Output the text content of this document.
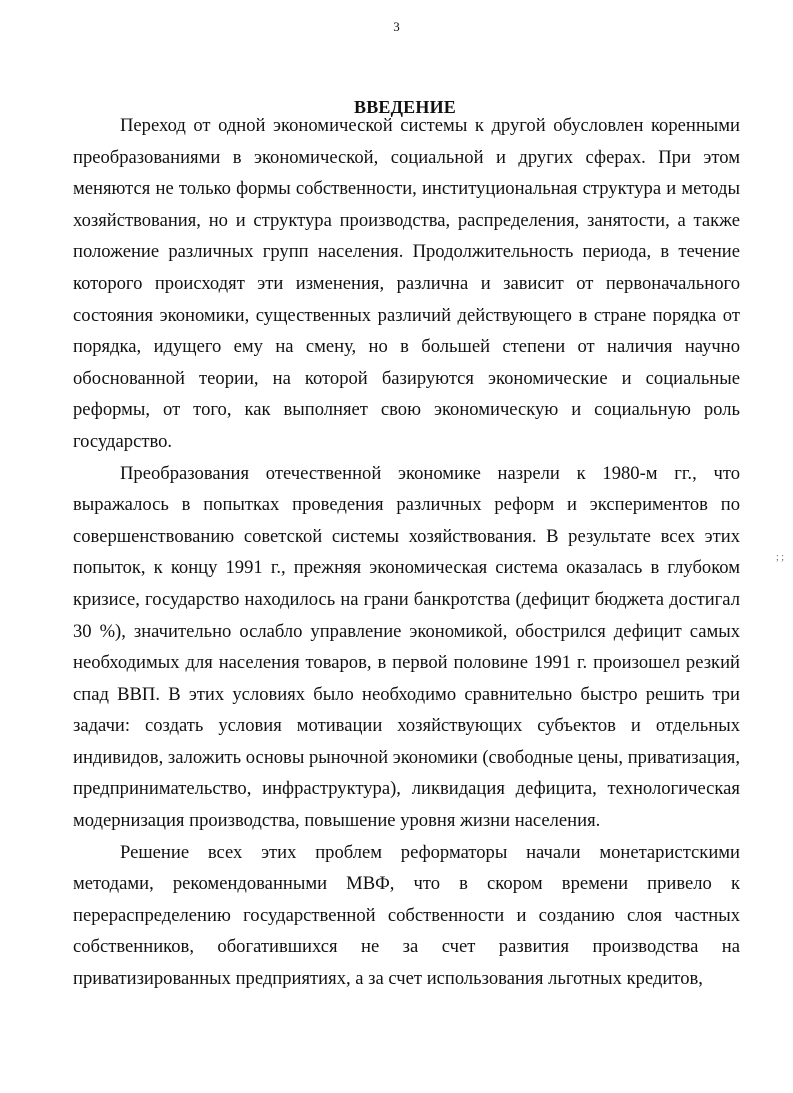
3
ВВЕДЕНИЕ

Переход от одной экономической системы к другой обусловлен коренными преобразованиями в экономической, социальной и других сферах. При этом меняются не только формы собственности, институциональная структура и методы хозяйствования, но и структура производства, распределения, занятости, а также положение различных групп населения. Продолжительность периода, в течение которого происходят эти изменения, различна и зависит от первоначального состояния экономики, существенных различий действующего в стране порядка от порядка, идущего ему на смену, но в большей степени от наличия научно обоснованной теории, на которой базируются экономические и социальные реформы, от того, как выполняет свою экономическую и социальную роль государство.

Преобразования отечественной экономике назрели к 1980-м гг., что выражалось в попытках проведения различных реформ и экспериментов по совершенствованию советской системы хозяйствования. В результате всех этих попыток, к концу 1991 г., прежняя экономическая система оказалась в глубоком кризисе, государство находилось на грани банкротства (дефицит бюджета достигал 30 %), значительно ослабло управление экономикой, обострился дефицит самых необходимых для населения товаров, в первой половине 1991 г. произошел резкий спад ВВП. В этих условиях было необходимо сравнительно быстро решить три задачи: создать условия мотивации хозяйствующих субъектов и отдельных индивидов, заложить основы рыночной экономики (свободные цены, приватизация, предпринимательство, инфраструктура), ликвидация дефицита, технологическая модернизация производства, повышение уровня жизни населения.

Решение всех этих проблем реформаторы начали монетаристскими методами, рекомендованными МВФ, что в скором времени привело к перераспределению государственной собственности и созданию слоя частных собственников, обогатившихся не за счет развития производства на приватизированных предприятиях, а за счет использования льготных кредитов,

; ;
